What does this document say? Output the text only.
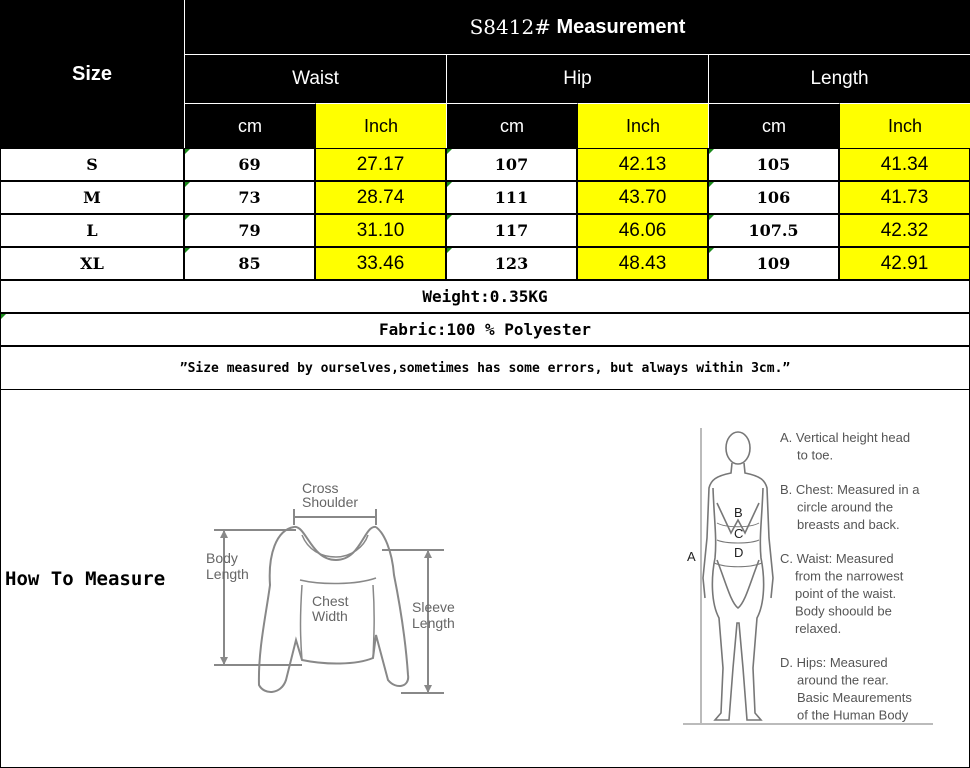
Size
S8412#
Measurement
Waist	Hip	Length
cm	Inch	cm	Inch	cm	Inch
S	69	27.17	107	42.13	105	41.34
M	73	28.74	111	43.70	106	41.73
L	79	31.10	117	46.06	107.5	42.32
XL	85	33.46	123	48.43	109	42.91
Weight:0.35KG
Fabric:100 % Polyester
”Size measured by ourselves,sometimes has some errors, but always within 3cm.”
How To Measure
Cross
Shoulder
Body
Length
Chest
Width
Sleeve
Length
A
B
C
D
A. Vertical height head
to toe.
B. Chest: Measured in a
circle around the
breasts and back.
C. Waist: Measured
from the narrowest
point of the waist.
Body shoould be
relaxed.
D. Hips: Measured
around the rear.
Basic Meaurements
of the Human Body
